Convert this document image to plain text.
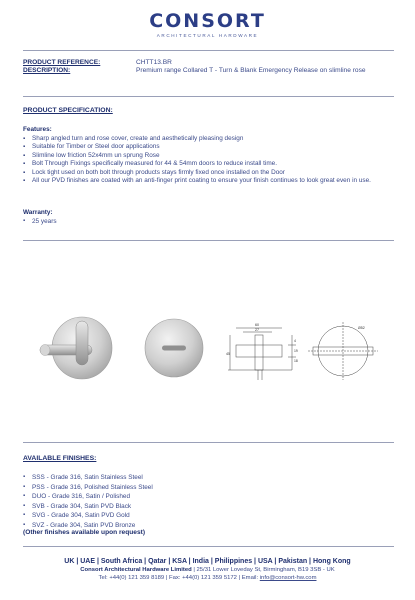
CONSORT
ARCHITECTURAL HARDWARE
PRODUCT REFERENCE:	CHTT13.BR
DESCRIPTION:	Premium range Collared T - Turn & Blank Emergency Release on slimline rose
PRODUCT SPECIFICATION:
Features:
▪ Sharp angled turn and rose cover, create and aesthetically pleasing design
▪ Suitable for Timber or Steel door applications
▪ Slimline low friction 52x4mm un sprung Rose
▪ Bolt Through Fixings specifically measured for 44 & 54mm doors to reduce install time.
▪ Lock tight used on both bolt through products stays firmly fixed once installed on the Door
▪ All our PVD finishes are coated with an anti-finger print coating to ensure your finish continues to look great even in use.
Warranty:
▪ 25 years
60
27
45
4
19
18
Ø52
AVAILABLE FINISHES:
▪ SSS - Grade 316, Satin Stainless Steel
▪ PSS - Grade 316, Polished Stainless Steel
▪ DUO - Grade 316, Satin / Polished
▪ SVB - Grade 304, Satin PVD Black
▪ SVG - Grade 304, Satin PVD Gold
▪ SVZ - Grade 304, Satin PVD Bronze
(Other finishes available upon request)
UK | UAE | South Africa | Qatar | KSA | India | Philippines | USA | Pakistan | Hong Kong
Consort Architectural Hardware Limited | 25/31 Lower Loveday St, Birmingham, B19 3SB - UK
Tel: +44(0) 121 359 8189 | Fax: +44(0) 121 359 5172 | Email: info@consort-hw.com
